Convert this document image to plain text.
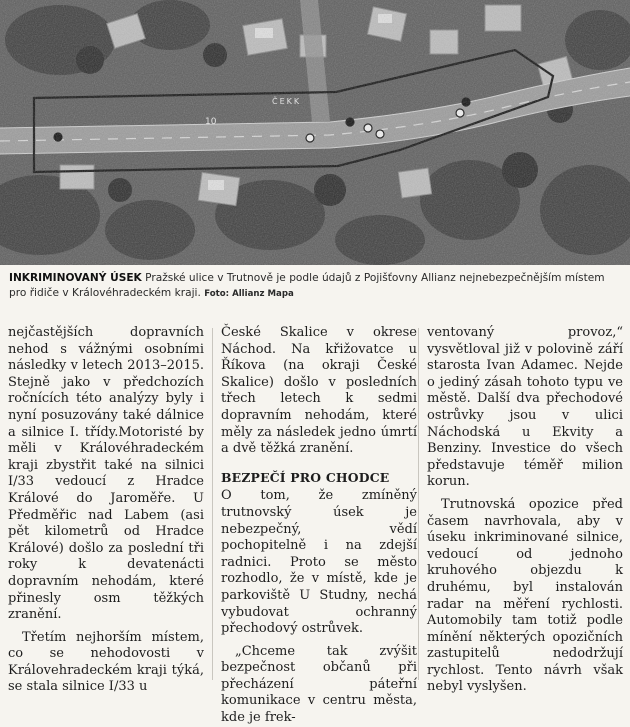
INKRIMINOVANÝ ÚSEK Pražské ulice v Trutnově je podle údajů z Pojišťovny Allianz nejnebezpečnějším místem pro řidiče v Královéhradeckém kraji. Foto: Allianz Mapa

nejčastějších dopravních nehod s vážnými osobními následky v letech 2013–2015. Stejně jako v předchozích ročnících této analýzy byly i nyní posuzovány také dálnice a silnice I. třídy.Motoristé by měli v Královéhradeckém kraji zbystřit také na silnici I/33 vedoucí z Hradce Králové do Jaroměře. U Předměřic nad Labem (asi pět kilometrů od Hradce Králové) došlo za poslední tři roky k devatenácti dopravním nehodám, které přinesly osm těžkých zranění.

Třetím nejhorším místem, co se nehodovosti v Královehradeckém kraji týká, se stala silnice I/33 u

České Skalice v okrese Náchod. Na křižovatce u Říkova (na okraji České Skalice) došlo v posledních třech letech k sedmi dopravním nehodám, které měly za následek jedno úmrtí a dvě těžká zranění.

BEZPEČÍ PRO CHODCE

O tom, že zmíněný trutnovský úsek je nebezpečný, vědí pochopitelně i na zdejší radnici. Proto se město rozhodlo, že v místě, kde je parkoviště U Studny, nechá vybudovat ochranný přechodový ostrůvek.

„Chceme tak zvýšit bezpečnost občanů při přecházení páteřní komunikace v centru města, kde je frek-

ventovaný provoz,“ vysvětloval již v polovině září starosta Ivan Adamec. Nejde o jediný zásah tohoto typu ve městě. Další dva přechodové ostrůvky jsou v ulici Náchodská u Ekvity a Benziny. Investice do všech představuje téměř milion korun.

Trutnovská opozice před časem navrhovala, aby v úseku inkriminované silnice, vedoucí od jednoho kruhového objezdu k druhému, byl instalován radar na měření rychlosti. Automobily tam totiž podle mínění některých opozičních zastupitelů nedodržují rychlost. Tento návrh však nebyl vyslyšen.
